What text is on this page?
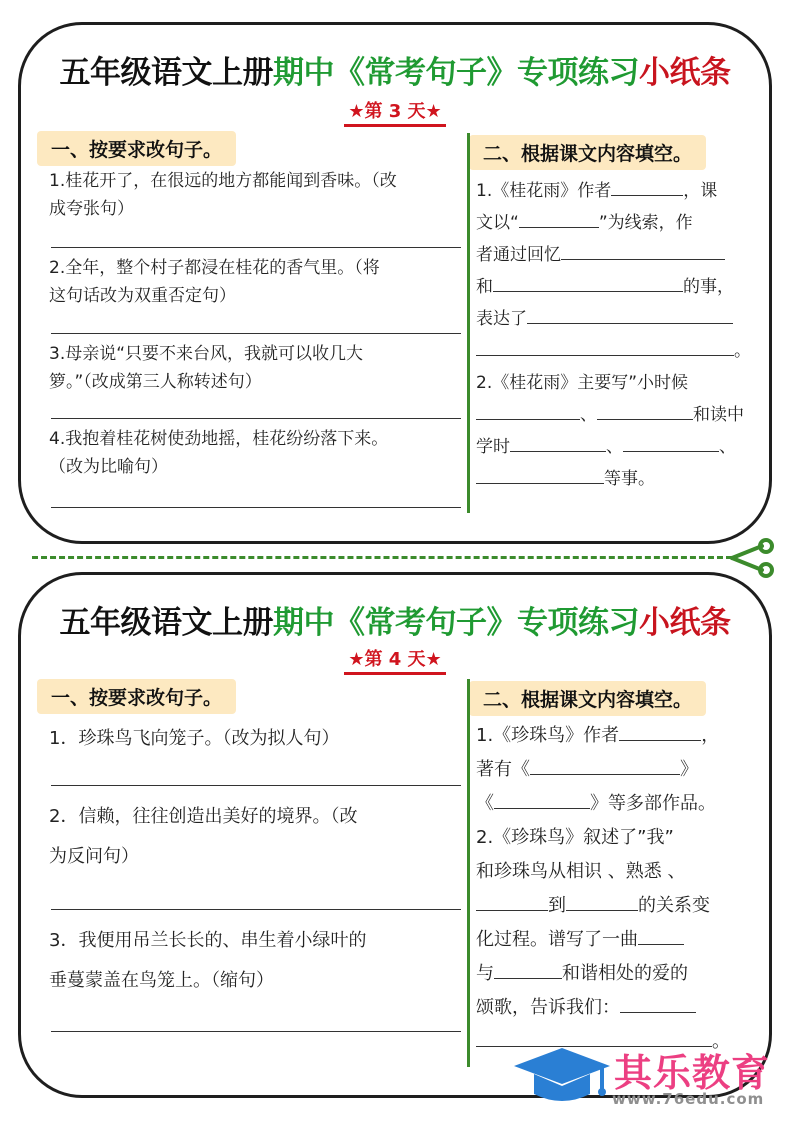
五年级语文上册期中《常考句子》专项练习小纸条
★第 3 天★
一、按要求改句子。	二、根据课文内容填空。
1.桂花开了，在很远的地方都能闻到香味。（改
成夸张句）
2.全年，整个村子都浸在桂花的香气里。（将
这句话改为双重否定句）
3.母亲说“只要不来台风，我就可以收几大
箩。”（改成第三人称转述句）
4.我抱着桂花树使劲地摇，桂花纷纷落下来。
（改为比喻句）
1.《桂花雨》作者	，课
文以“	”为线索，作
者通过回忆
和	的事，
表达了
。
2.《桂花雨》主要写”小时候
、	和读中
学时	、	、
等事。
五年级语文上册期中《常考句子》专项练习小纸条
★第 4 天★
一、按要求改句子。	二、根据课文内容填空。
1．珍珠鸟飞向笼子。（改为拟人句）
2．信赖，往往创造出美好的境界。（改
为反问句）
3．我便用吊兰长长的、串生着小绿叶的
垂蔓蒙盖在鸟笼上。（缩句）
1.《珍珠鸟》作者	，
著有《	》
《	》等多部作品。
2.《珍珠鸟》叙述了”我”
和珍珠鸟从相识 、熟悉 、
到	的关系变
化过程。谱写了一曲
与	和谐相处的爱的
颂歌，告诉我们：
。
其乐教育
www.76edu.com
